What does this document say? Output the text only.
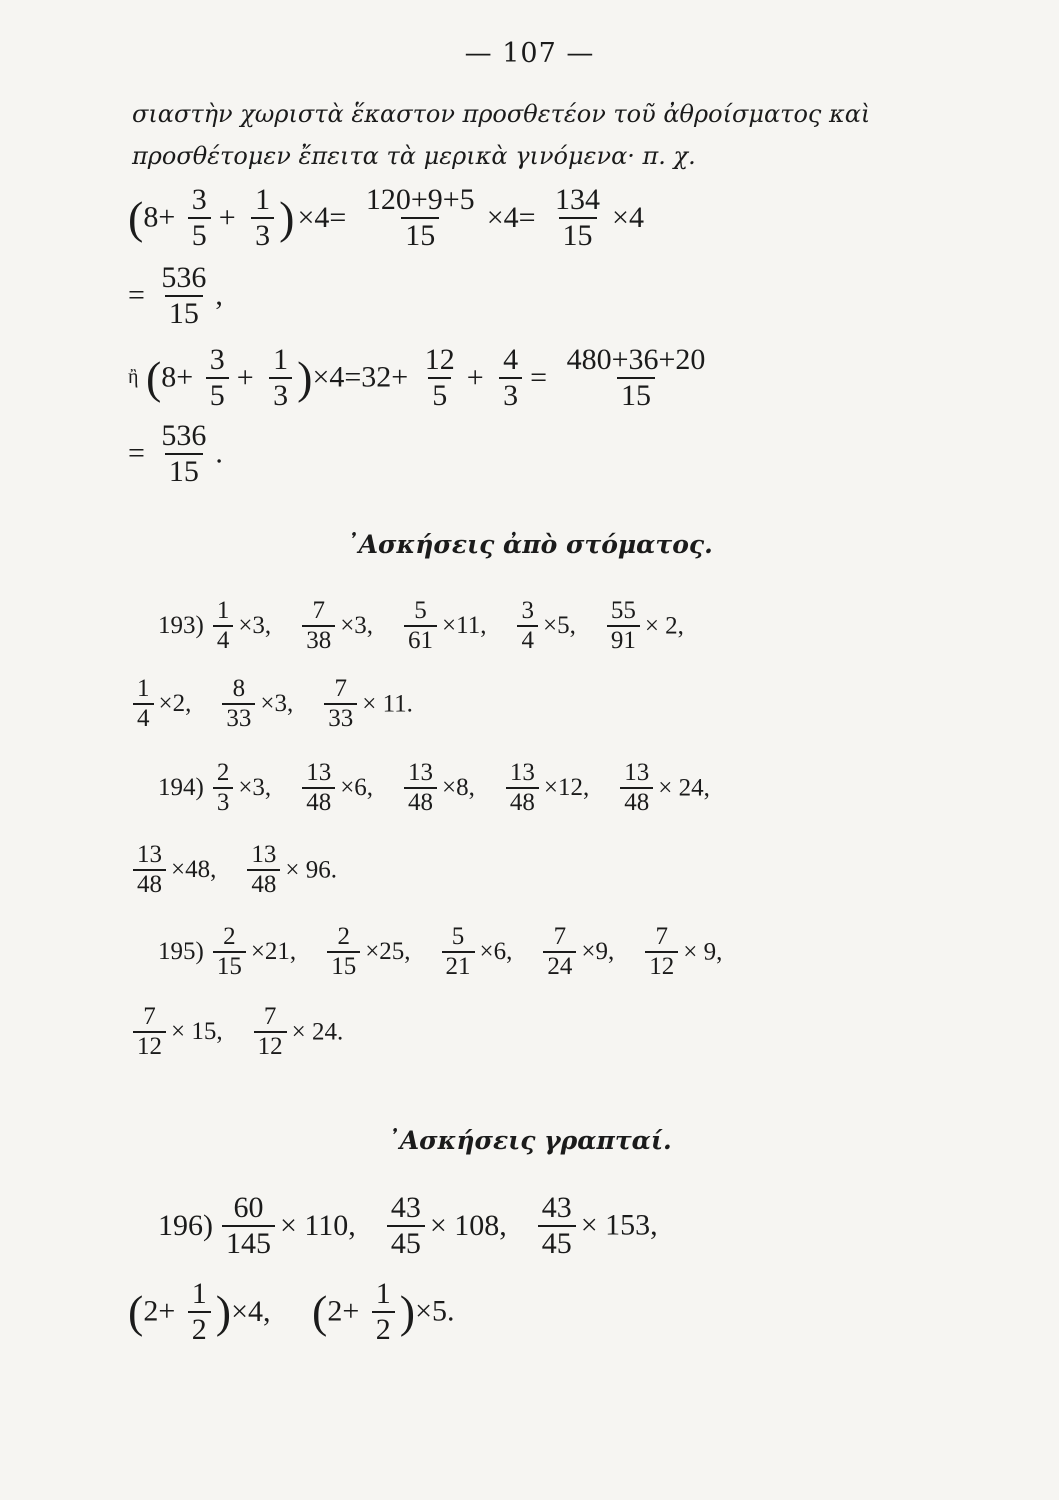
— 107 —
σιαστὴν χωριστὰ ἕκαστον προσθετέον τοῦ ἀθροίσματος καὶ
προσθέτομεν ἔπειτα τὰ μερικὰ γινόμενα· π. χ.
($8+ \frac{3}{5} + \frac{1}{3}$ ) $\times 4= \frac{120+9+5}{15} \times 4= \frac{134}{15} \times 4$
= $\frac{536}{15}$ ,
ἢ $(8+ \frac{3}{5} + \frac{1}{3} )\times 4=32+ \frac{12}{5} + \frac{4}{3} = \frac{480+36+20}{15}$
= $\frac{536}{15}$ .
᾿Ασκήσεις ἀπὸ στόματος.
$193) \frac{1}{4} \times 3$, $\frac{7}{38} \times 3$, $\frac{5}{61} \times 11$, $\frac{3}{4} \times 5$, $\frac{55}{91} \times 2$,
$\frac{1}{4} \times 2$, $\frac{8}{33} \times 3$, $\frac{7}{33} \times 11$.
$194) \frac{2}{3} \times 3$, $\frac{13}{48} \times 6$, $\frac{13}{48} \times 8$, $\frac{13}{48} \times 12$, $\frac{13}{48} \times 24$,
$\frac{13}{48} \times 48$, $\frac{13}{48} \times 96$.
$195) \frac{2}{15} \times 21$, $\frac{2}{15} \times 25$, $\frac{5}{21} \times 6$, $\frac{7}{24} \times 9$, $\frac{7}{12} \times 9$,
$\frac{7}{12} \times 15$, $\frac{7}{12} \times 24$.
᾿Ασκήσεις γραπταί.
$196) \frac{60}{145} \times 110$, $\frac{43}{45} \times 108$, $\frac{43}{45} \times 153$,
$(2+ \frac{1}{2} )\times 4$, $(2+ \frac{1}{2} )\times 5$.
